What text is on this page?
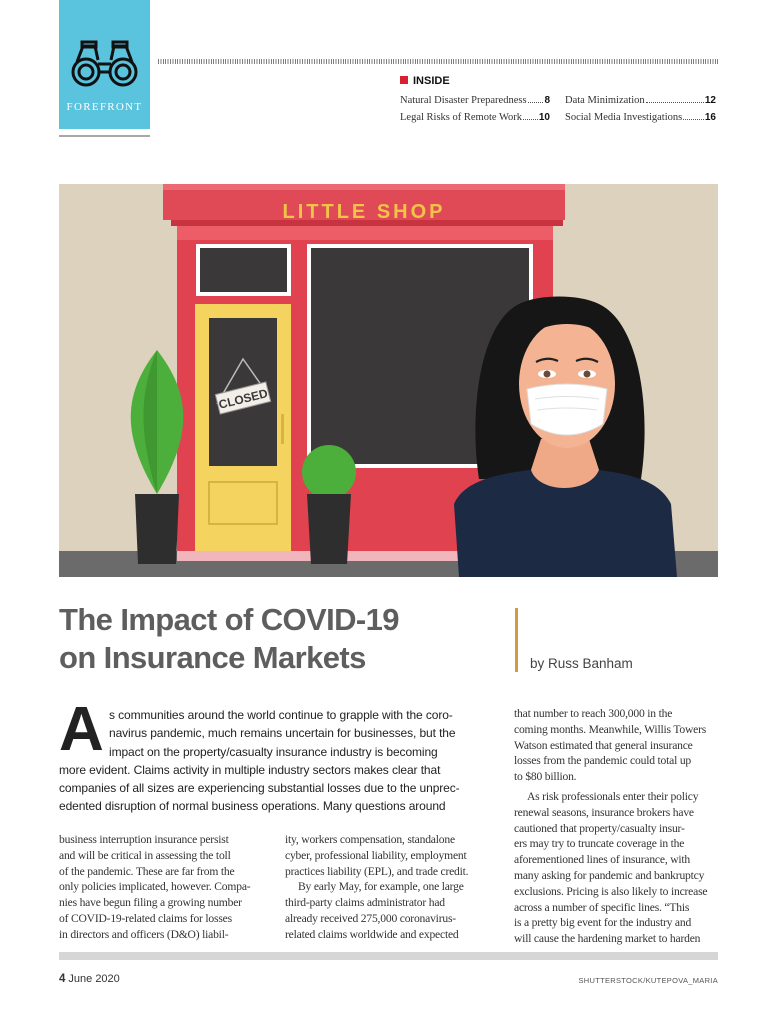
FOREFRONT
INSIDE
Natural Disaster Preparedness 8 Data Minimization	12
Legal Risks of Remote Work 10 Social Media Investigations 16
LITTLE SHOP
CLOSED
The Impact of COVID-19
on Insurance Markets	by Russ Banham
A s communities around the world continue to grapple with the coro-
navirus pandemic, much remains uncertain for businesses, but the
impact on the property/casualty insurance industry is becoming
more evident. Claims activity in multiple industry sectors makes clear that
companies of all sizes are experiencing substantial losses due to the unprec-
edented disruption of normal business operations. Many questions around
business interruption insurance persist
and will be critical in assessing the toll
of the pandemic. These are far from the
only policies implicated, however. Compa-
nies have begun filing a growing number
of COVID-19-related claims for losses
in directors and officers (D&O) liabil-
ity, workers compensation, standalone
cyber, professional liability, employment
practices liability (EPL), and trade credit.
By early May, for example, one large
third-party claims administrator had
already received 275,000 coronavirus-
related claims worldwide and expected
that number to reach 300,000 in the
coming months. Meanwhile, Willis Towers
Watson estimated that general insurance
losses from the pandemic could total up
to $80 billion.
As risk professionals enter their policy
renewal seasons, insurance brokers have
cautioned that property/casualty insur-
ers may try to truncate coverage in the
aforementioned lines of insurance, with
many asking for pandemic and bankruptcy
exclusions. Pricing is also likely to increase
across a number of specific lines. “This
is a pretty big event for the industry and
will cause the hardening market to harden
4 June 2020	SHUTTERSTOCK/KUTEPOVA_MARIA
